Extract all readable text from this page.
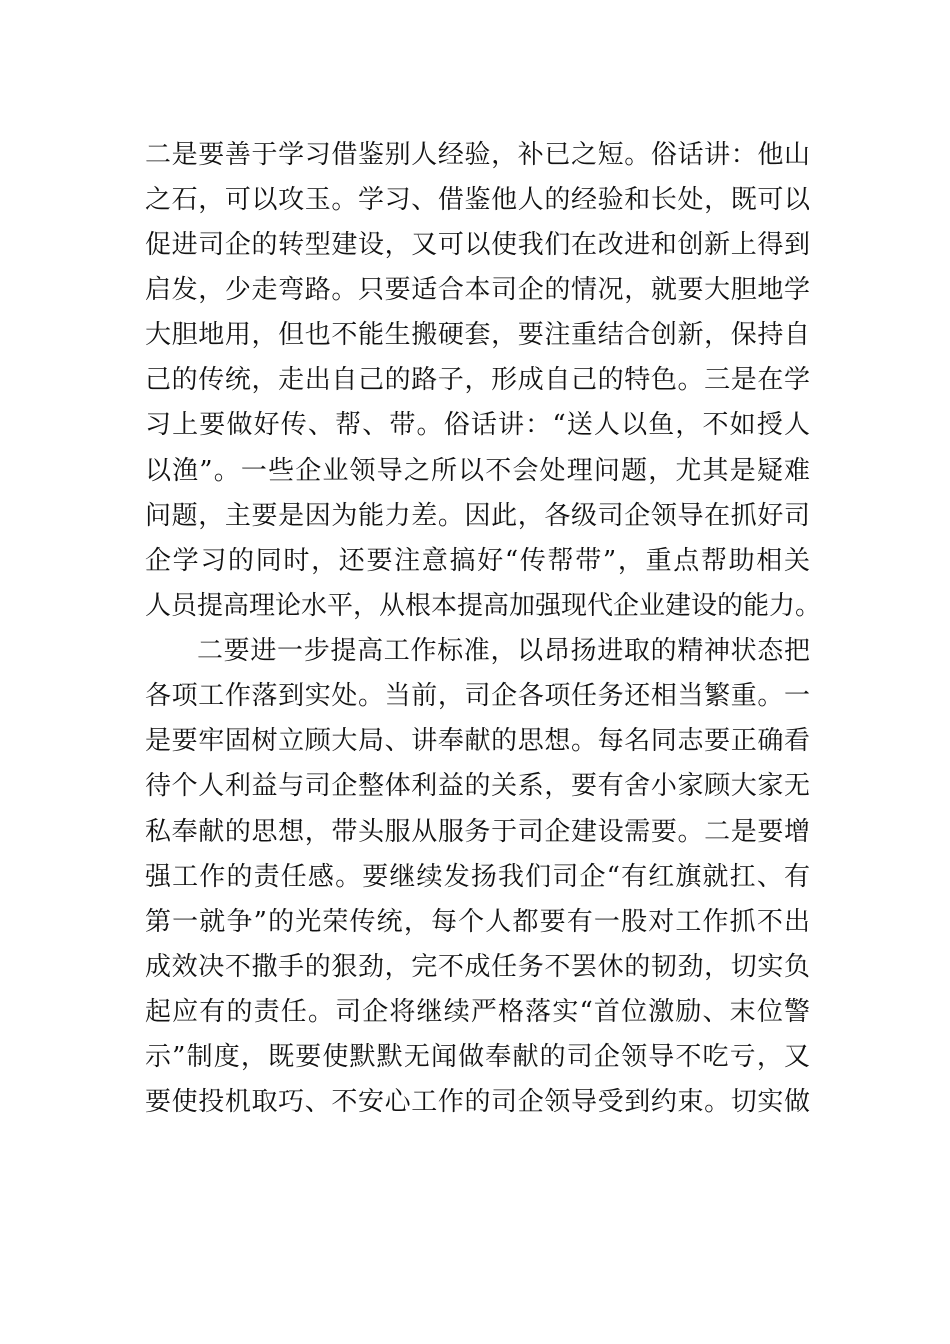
二是要善于学习借鉴别人经验，补已之短。俗话讲：他山
之石，可以攻玉。学习、借鉴他人的经验和长处，既可以
促进司企的转型建设，又可以使我们在改进和创新上得到
启发，少走弯路。只要适合本司企的情况，就要大胆地学
大胆地用，但也不能生搬硬套，要注重结合创新，保持自
己的传统，走出自己的路子，形成自己的特色。三是在学
习上要做好传、帮、带。俗话讲：“送人以鱼，不如授人
以渔”。一些企业领导之所以不会处理问题，尤其是疑难
问题，主要是因为能力差。因此，各级司企领导在抓好司
企学习的同时，还要注意搞好“传帮带”，重点帮助相关
人员提高理论水平，从根本提高加强现代企业建设的能力。
二要进一步提高工作标准，以昂扬进取的精神状态把
各项工作落到实处。当前，司企各项任务还相当繁重。一
是要牢固树立顾大局、讲奉献的思想。每名同志要正确看
待个人利益与司企整体利益的关系，要有舍小家顾大家无
私奉献的思想，带头服从服务于司企建设需要。二是要增
强工作的责任感。要继续发扬我们司企“有红旗就扛、有
第一就争”的光荣传统，每个人都要有一股对工作抓不出
成效决不撒手的狠劲，完不成任务不罢休的韧劲，切实负
起应有的责任。司企将继续严格落实“首位激励、末位警
示”制度，既要使默默无闻做奉献的司企领导不吃亏，又
要使投机取巧、不安心工作的司企领导受到约束。切实做
